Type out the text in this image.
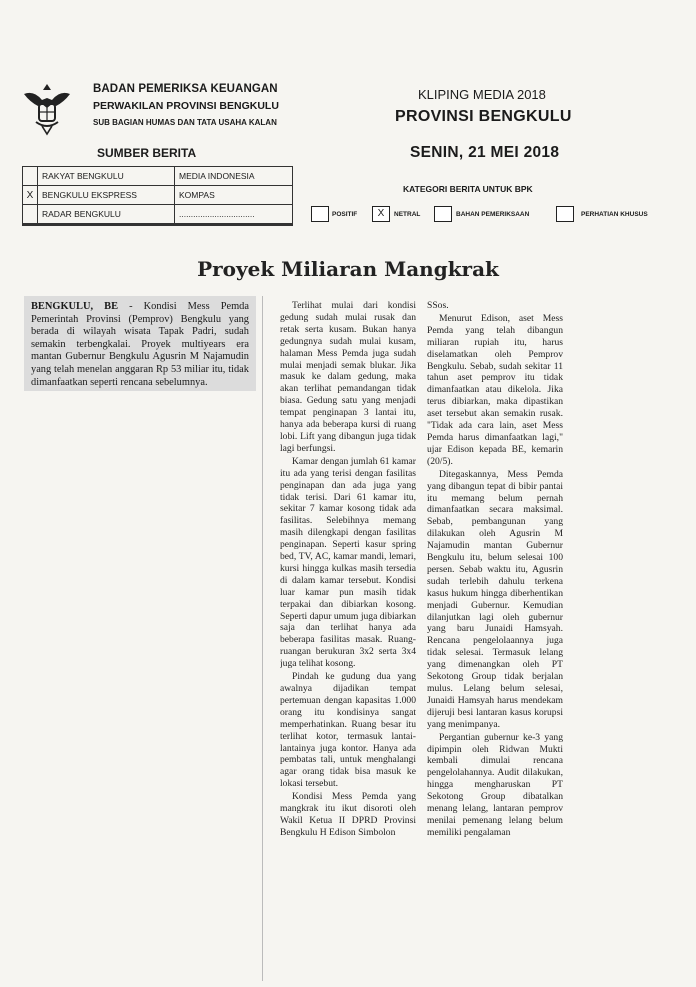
BADAN PEMERIKSA KEUANGAN
PERWAKILAN PROVINSI BENGKULU
SUB BAGIAN HUMAS DAN TATA USAHA KALAN
KLIPING MEDIA 2018
PROVINSI BENGKULU
SENIN, 21 MEI 2018
SUMBER BERITA
	RAKYAT BENGKULU	MEDIA INDONESIA
X	BENGKULU EKSPRESS	KOMPAS
	RADAR BENGKULU	................................
KATEGORI BERITA UNTUK BPK
POSITIF	X	NETRAL	BAHAN PEMERIKSAAN	PERHATIAN KHUSUS
Proyek Miliaran Mangkrak

BENGKULU, BE - Kondisi Mess Pemda Pemerintah Provinsi (Pemprov) Bengkulu yang berada di wilayah wisata Tapak Padri, sudah semakin terbengkalai. Proyek multiyears era mantan Gubernur Bengkulu Agusrin M Najamudin yang telah menelan anggaran Rp 53 miliar itu, tidak dimanfaatkan seperti rencana sebelumnya.

Terlihat mulai dari kondisi gedung sudah mulai rusak dan retak serta kusam. Bukan hanya gedungnya sudah mulai kusam, halaman Mess Pemda juga sudah mulai menjadi semak blukar. Jika masuk ke dalam gedung, maka akan terlihat pemandangan tidak biasa. Gedung satu yang menjadi tempat penginapan 3 lantai itu, hanya ada beberapa kursi di ruang lobi. Lift yang dibangun juga tidak lagi berfungsi.

Kamar dengan jumlah 61 kamar itu ada yang terisi dengan fasilitas penginapan dan ada juga yang tidak terisi. Dari 61 kamar itu, sekitar 7 kamar kosong tidak ada fasilitas. Selebihnya memang masih dilengkapi dengan fasilitas penginapan. Seperti kasur spring bed, TV, AC, kamar mandi, lemari, kursi hingga kulkas masih tersedia di dalam kamar tersebut. Kondisi luar kamar pun masih tidak terpakai dan dibiarkan kosong. Seperti dapur umum juga dibiarkan saja dan terlihat hanya ada beberapa fasilitas masak. Ruang-ruangan berukuran 3x2 serta 3x4 juga telihat kosong.

Pindah ke gudung dua yang awalnya dijadikan tempat pertemuan dengan kapasitas 1.000 orang itu kondisinya sangat memperhatinkan. Ruang besar itu terlihat kotor, termasuk lantai-lantainya juga kontor. Hanya ada pembatas tali, untuk menghalangi agar orang tidak bisa masuk ke lokasi tersebut.

Kondisi Mess Pemda yang mangkrak itu ikut disoroti oleh Wakil Ketua II DPRD Provinsi Bengkulu H Edison Simbolon

SSos.

Menurut Edison, aset Mess Pemda yang telah dibangun miliaran rupiah itu, harus diselamatkan oleh Pemprov Bengkulu. Sebab, sudah sekitar 11 tahun aset pemprov itu tidak dimanfaatkan atau dikelola. Jika terus dibiarkan, maka dipastikan aset tersebut akan semakin rusak. "Tidak ada cara lain, aset Mess Pemda harus dimanfaatkan lagi," ujar Edison kepada BE, kemarin (20/5).

Ditegaskannya, Mess Pemda yang dibangun tepat di bibir pantai itu memang belum pernah dimanfaatkan secara maksimal. Sebab, pembangunan yang dilakukan oleh Agusrin M Najamudin mantan Gubernur Bengkulu itu, belum selesai 100 persen. Sebab waktu itu, Agusrin sudah terlebih dahulu terkena kasus hukum hingga diberhentikan menjadi Gubernur. Kemudian dilanjutkan lagi oleh gubernur yang baru Junaidi Hamsyah. Rencana pengelolaannya juga tidak selesai. Termasuk lelang yang dimenangkan oleh PT Sekotong Group tidak berjalan mulus. Lelang belum selesai, Junaidi Hamsyah harus mendekam dijeruji besi lantaran kasus korupsi yang menimpanya.

Pergantian gubernur ke-3 yang dipimpin oleh Ridwan Mukti kembali dimulai rencana pengelolahannya. Audit dilakukan, hingga mengharuskan PT Sekotong Group dibatalkan menang lelang, lantaran pemprov menilai pemenang lelang belum memiliki pengalaman
